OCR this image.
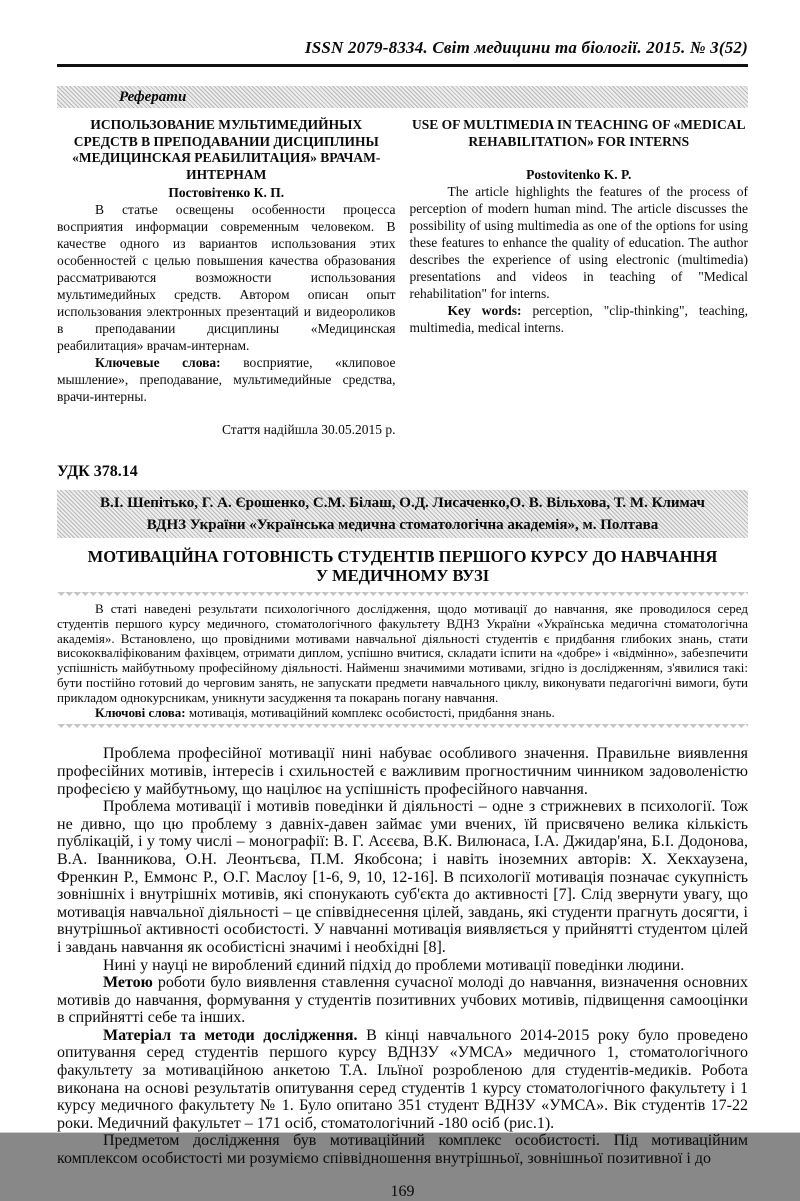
ISSN 2079-8334. Світ медицини та біології. 2015. № 3(52)
Реферати
ИСПОЛЬЗОВАНИЕ МУЛЬТИМЕДИЙНЫХ СРЕДСТВ В ПРЕПОДАВАНИИ ДИСЦИПЛИНЫ «МЕДИЦИНСКАЯ РЕАБИЛИТАЦИЯ» ВРАЧАМ-ИНТЕРНАМ
Постовітенко К. П.

В статье освещены особенности процесса восприятия информации современным человеком. В качестве одного из вариантов использования этих особенностей с целью повышения качества образования рассматриваются возможности использования мультимедийных средств. Автором описан опыт использования электронных презентаций и видеороликов в преподавании дисциплины «Медицинская реабилитация» врачам-интернам.

Ключевые слова: восприятие, «клиповое мышление», преподавание, мультимедийные средства, врачи-интерны.

Стаття надійшла 30.05.2015 р.
USE OF MULTIMEDIA IN TEACHING OF «MEDICAL REHABILITATION» FOR INTERNS
Postovitenko K. P.

The article highlights the features of the process of perception of modern human mind. The article discusses the possibility of using multimedia as one of the options for using these features to enhance the quality of education. The author describes the experience of using electronic (multimedia) presentations and videos in teaching of "Medical rehabilitation" for interns.

Key words: perception, "clip-thinking", teaching, multimedia, medical interns.

УДК 378.14
В.І. Шепітько, Г. А. Єрошенко, С.М. Білаш, О.Д. Лисаченко,О. В. Вільхова, Т. М. Климач
ВДНЗ України «Українська медична стоматологічна академія», м. Полтава
МОТИВАЦІЙНА ГОТОВНІСТЬ СТУДЕНТІВ ПЕРШОГО КУРСУ ДО НАВЧАННЯ У МЕДИЧНОМУ ВУЗІ

В статі наведені результати психологічного дослідження, щодо мотивації до навчання, яке проводилося серед студентів першого курсу медичного, стоматологічного факультету ВДНЗ України «Українська медична стоматологічна академія». Встановлено, що провідними мотивами навчальної діяльності студентів є придбання глибоких знань, стати висококваліфікованим фахівцем, отримати диплом, успішно вчитися, складати іспити на «добре» і «відмінно», забезпечити успішність майбутньому професійному діяльності. Найменш значимими мотивами, згідно із дослідженням, з'явилися такі: бути постійно готовий до черговим занять, не запускати предмети навчального циклу, виконувати педагогічні вимоги, бути прикладом однокурсникам, уникнути засудження та покарань погану навчання.

Ключові слова: мотивація, мотиваційний комплекс особистості, придбання знань.

Проблема професійної мотивації нині набуває особливого значення. Правильне виявлення професійних мотивів, інтересів і схильностей є важливим прогностичним чинником задоволеністю професією у майбутньому, що націлює на успішність професійного навчання.

Проблема мотивації і мотивів поведінки й діяльності – одне з стрижневих в психології. Тож не дивно, що цю проблему з давніх-давен займає уми вчених, їй присвячено велика кількість публікацій, і у тому числі – монографії: В. Г. Асєєва, В.К. Вилюнаса, І.А. Джидар'яна, Б.І. Додонова, В.А. Іванникова, О.Н. Леонтьєва, П.М. Якобсона; і навіть іноземних авторів: Х. Хекхаузена, Френкин Р., Еммонс Р., О.Г. Маслоу [1-6, 9, 10, 12-16]. В психології мотивація позначає сукупність зовнішніх і внутрішніх мотивів, які спонукають суб'єкта до активності [7]. Слід звернути увагу, що мотивація навчальної діяльності – це співвіднесення цілей, завдань, які студенти прагнуть досягти, і внутрішньої активності особистості. У навчанні мотивація виявляється у прийнятті студентом цілей і завдань навчання як особистісні значимі і необхідні [8].

Нині у науці не вироблений єдиний підхід до проблеми мотивації поведінки людини.

Метою роботи було виявлення ставлення сучасної молоді до навчання, визначення основних мотивів до навчання, формування у студентів позитивних учбових мотивів, підвищення самооцінки в сприйнятті себе та інших.

Матеріал та методи дослідження. В кінці навчального 2014-2015 року було проведено опитування серед студентів першого курсу ВДНЗУ «УМСА» медичного 1, стоматологічного факультету за мотиваційною анкетою Т.А. Ільїної розробленою для студентів-медиків. Робота виконана на основі результатів опитування серед студентів 1 курсу стоматологічного факультету і 1 курсу медичного факультету № 1. Було опитано 351 студент ВДНЗУ «УМСА». Вік студентів 17-22 роки. Медичний факультет – 171 осіб, стоматологічний -180 осіб (рис.1).

Предметом дослідження був мотиваційний комплекс особистості. Під мотиваційним комплексом особистості ми розуміємо співвідношення внутрішньої, зовнішньої позитивної і до

169
